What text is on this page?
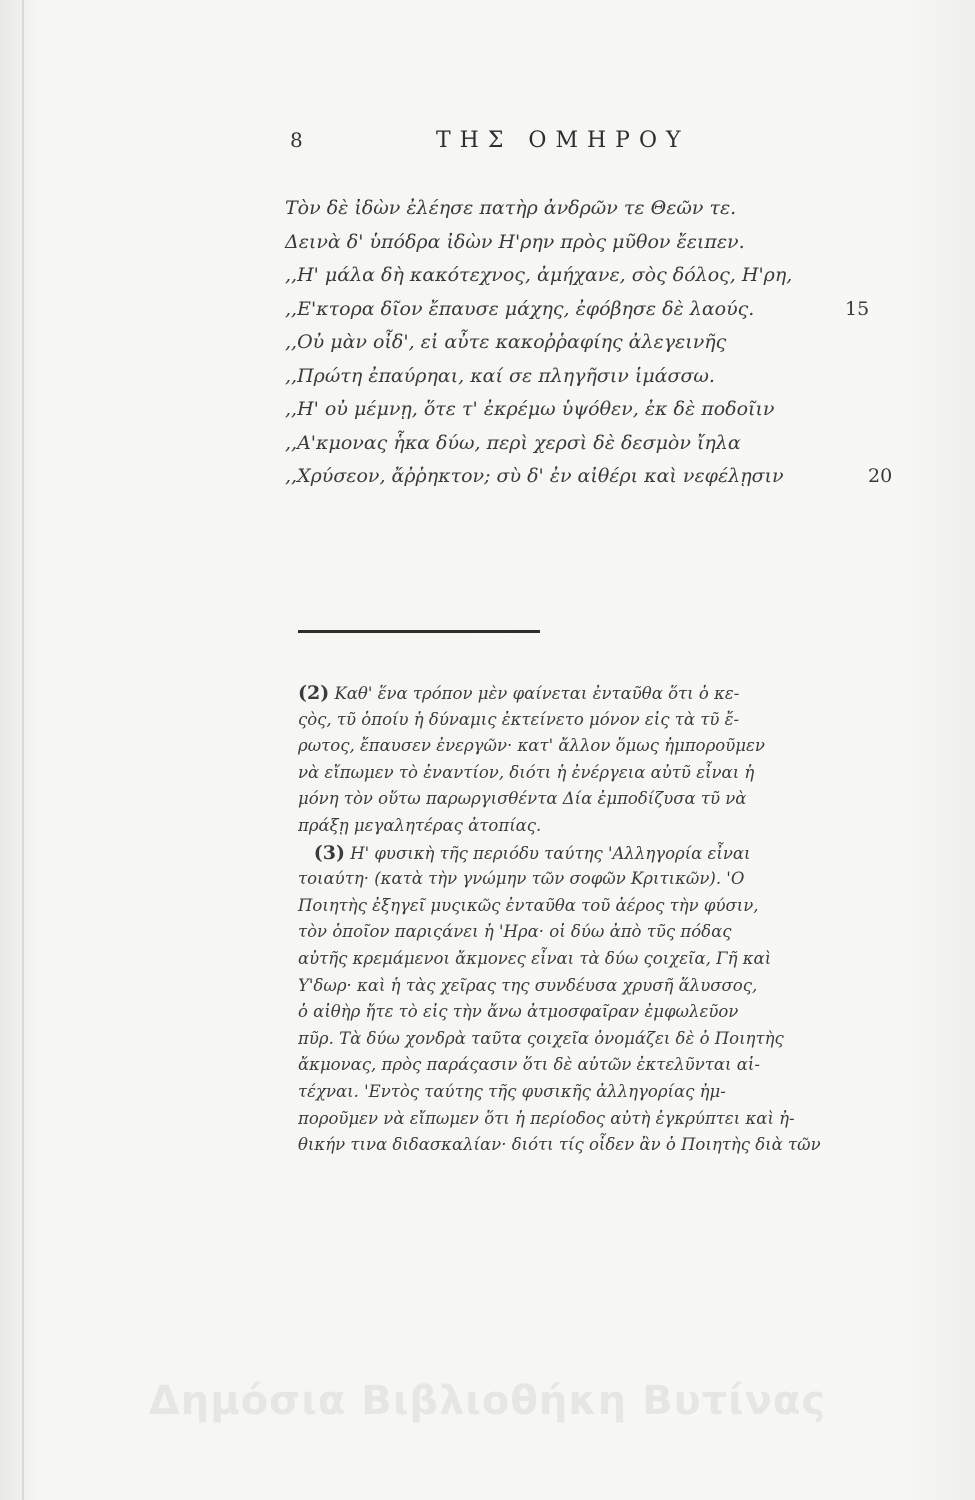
8	ΤΗΣ ΟΜΗΡΟΥ
Τὸν δὲ ἰδὼν ἐλέησε πατὴρ ἀνδρῶν τε Θεῶν τε.
Δεινὰ δ' ὑπόδρα ἰδὼν Η'ρην πρὸς μῦθον ἔειπεν.
,,Η' μάλα δὴ κακότεχνος, ἀμήχανε, σὸς δόλος, Η'ρη,
,,Ε'κτορα δῖον ἔπαυσε μάχης, ἐφόβησε δὲ λαούς.	15
,,Οὐ μὰν οἶδ', εἰ αὖτε κακοῤῥαφίης ἀλεγεινῆς
,,Πρώτη ἐπαύρηαι, καί σε πληγῆσιν ἱμάσσω.
,,Η' οὐ μέμνῃ, ὅτε τ' ἐκρέμω ὑψόθεν, ἐκ δὲ ποδοῖιν
,,Α'κμονας ἧκα δύω, περὶ χερσὶ δὲ δεσμὸν ἴηλα
,,Χρύσεον, ἄῤῥηκτον; σὺ δ' ἐν αἰθέρι καὶ νεφέλῃσιν	20
(2) Καθ' ἕνα τρόπον μὲν φαίνεται ἐνταῦθα ὅτι ὁ κε-
ςὸς, τῦ ὁποίυ ἡ δύναμις ἐκτείνετο μόνον εἰς τὰ τῦ ἔ-
ρωτος, ἔπαυσεν ἐνεργῶν· κατ' ἄλλον ὅμως ἠμποροῦμεν
νὰ εἴπωμεν τὸ ἐναντίον, διότι ἡ ἐνέργεια αὐτῦ εἶναι ἡ
μόνη τὸν οὕτω παρωργισθέντα Δία ἐμποδίζυσα τῦ νὰ
πράξῃ μεγαλητέρας ἀτοπίας.
(3) Η' φυσικὴ τῆς περιόδυ ταύτης 'Αλληγορία εἶναι
τοιαύτη· (κατὰ τὴν γνώμην τῶν σοφῶν Κριτικῶν). 'Ο
Ποιητὴς ἐξηγεῖ μυςικῶς ἐνταῦθα τοῦ ἀέρος τὴν φύσιν,
τὸν ὁποῖον παριςάνει ἡ 'Ηρα· οἱ δύω ἀπὸ τῦς πόδας
αὐτῆς κρεμάμενοι ἄκμονες εἶναι τὰ δύω ςοιχεῖα, Γῆ καὶ
Υ'δωρ· καὶ ἡ τὰς χεῖρας της συνδέυσα χρυσῆ ἅλυσσος,
ὁ αἰθὴρ ἤτε τὸ εἰς τὴν ἄνω ἀτμοσφαῖραν ἐμφωλεῦον
πῦρ. Τὰ δύω χονδρὰ ταῦτα ςοιχεῖα ὀνομάζει δὲ ὁ Ποιητὴς
ἄκμονας, πρὸς παράςασιν ὅτι δὲ αὐτῶν ἐκτελῦνται αἱ-
τέχναι. 'Εντὸς ταύτης τῆς φυσικῆς ἀλληγορίας ἠμ-
ποροῦμεν νὰ εἴπωμεν ὅτι ἡ περίοδος αὐτὴ ἐγκρύπτει καὶ ἠ-
θικήν τινα διδασκαλίαν· διότι τίς οἶδεν ἂν ὁ Ποιητὴς διὰ τῶν
Δημόσια Βιβλιοθήκη Βυτίνας
